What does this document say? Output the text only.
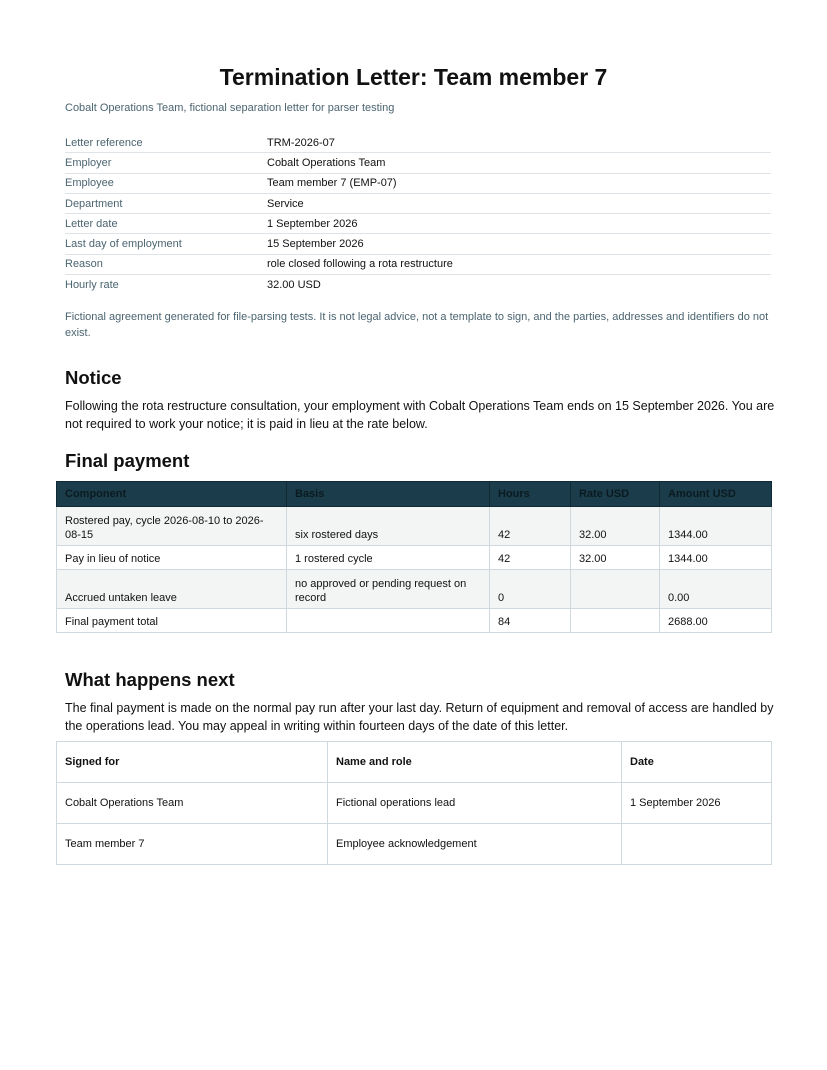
Termination Letter: Team member 7
Cobalt Operations Team, fictional separation letter for parser testing
Letter reference	TRM-2026-07
Employer	Cobalt Operations Team
Employee	Team member 7 (EMP-07)
Department	Service
Letter date	1 September 2026
Last day of employment	15 September 2026
Reason	role closed following a rota restructure
Hourly rate	32.00 USD
Fictional agreement generated for file-parsing tests. It is not legal advice, not a template to sign, and the parties, addresses and identifiers do not exist.
Notice
Following the rota restructure consultation, your employment with Cobalt Operations Team ends on 15 September 2026. You are not required to work your notice; it is paid in lieu at the rate below.
Final payment
Component	Basis	Hours	Rate USD	Amount USD
Rostered pay, cycle 2026-08-10 to 2026-08-15	six rostered days	42	32.00	1344.00
Pay in lieu of notice	1 rostered cycle	42	32.00	1344.00
Accrued untaken leave	no approved or pending request on record	0		0.00
Final payment total		84		2688.00
What happens next
The final payment is made on the normal pay run after your last day. Return of equipment and removal of access are handled by the operations lead. You may appeal in writing within fourteen days of the date of this letter.
Signed for	Name and role	Date
Cobalt Operations Team	Fictional operations lead	1 September 2026
Team member 7	Employee acknowledgement	
